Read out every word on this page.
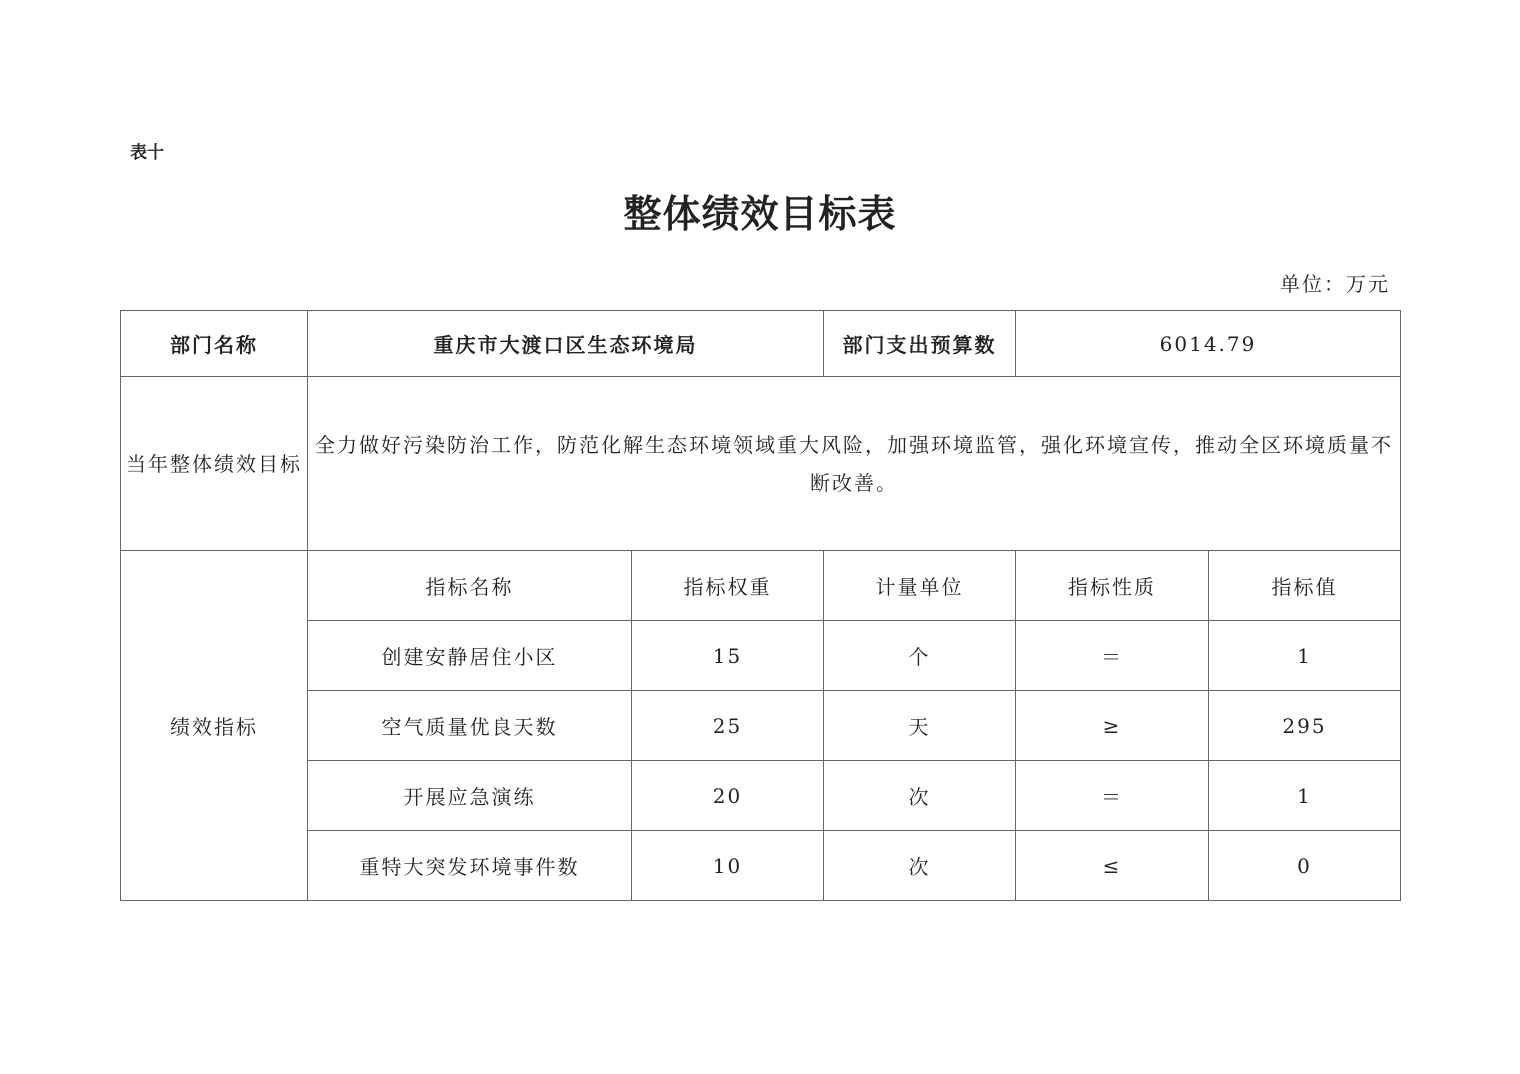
表十
整体绩效目标表
单位：万元
部门名称	重庆市大渡口区生态环境局		部门支出预算数	6014.79	
当年整体绩效目标	全力做好污染防治工作，防范化解生态环境领域重大风险，加强环境监管，强化环境宣传，推动全区环境质量不断改善。				
绩效指标	指标名称	指标权重	计量单位	指标性质	指标值
	创建安静居住小区	15	个	＝	1
	空气质量优良天数	25	天	≥	295
	开展应急演练	20	次	＝	1
	重特大突发环境事件数	10	次	≤	0
